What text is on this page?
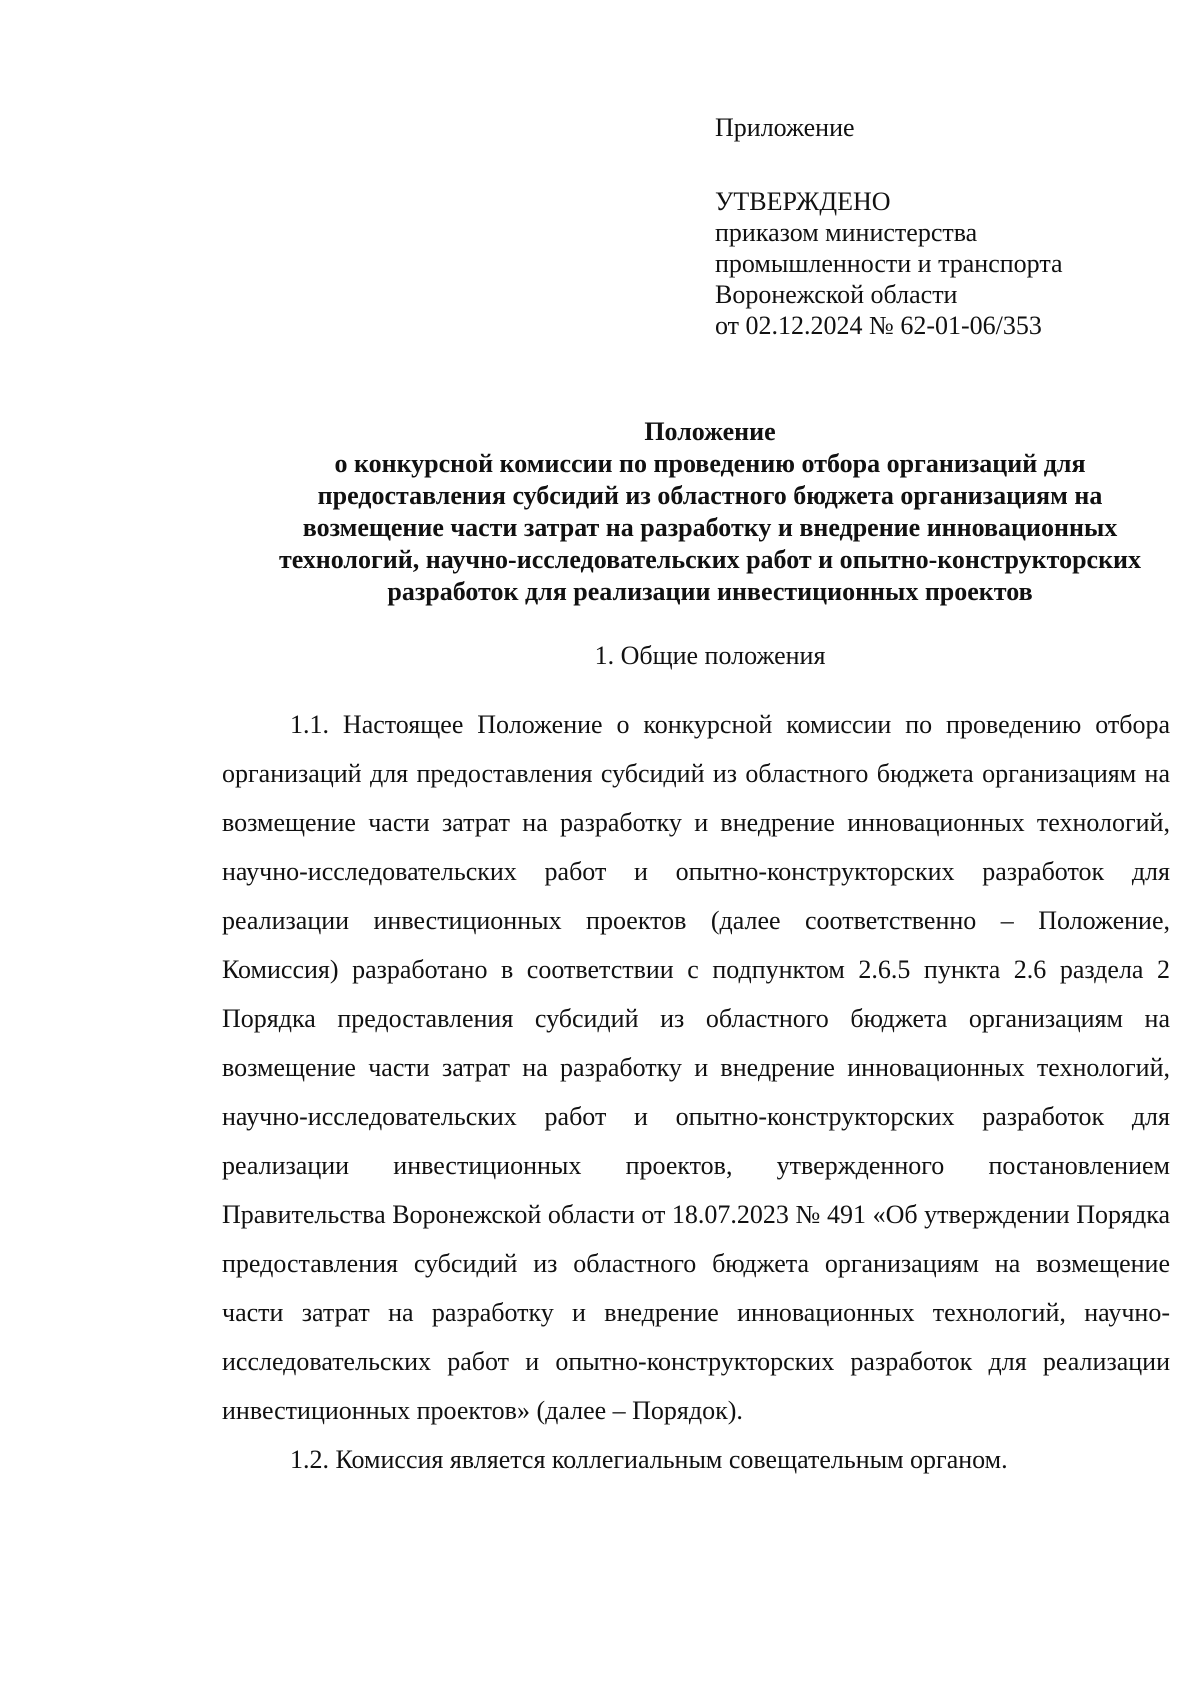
Приложение

УТВЕРЖДЕНО

приказом министерства

промышленности и транспорта

Воронежской области

от 02.12.2024 № 62-01-06/353

Положение

о конкурсной комиссии по проведению отбора организаций для

предоставления субсидий из областного бюджета организациям на

возмещение части затрат на разработку и внедрение инновационных

технологий, научно-исследовательских работ и опытно-конструкторских

разработок для реализации инвестиционных проектов

1. Общие положения

1.1. Настоящее Положение о конкурсной комиссии по проведению отбора организаций для предоставления субсидий из областного бюджета организациям на возмещение части затрат на разработку и внедрение инновационных технологий, научно-исследовательских работ и опытно-конструкторских разработок для реализации инвестиционных проектов (далее соответственно – Положение, Комиссия) разработано в соответствии с подпунктом 2.6.5 пункта 2.6 раздела 2 Порядка предоставления субсидий из областного бюджета организациям на возмещение части затрат на разработку и внедрение инновационных технологий, научно-исследовательских работ и опытно-конструкторских разработок для реализации инвестиционных проектов, утвержденного постановлением Правительства Воронежской области от 18.07.2023 № 491 «Об утверждении Порядка предоставления субсидий из областного бюджета организациям на возмещение части затрат на разработку и внедрение инновационных технологий, научно-исследовательских работ и опытно-конструкторских разработок для реализации инвестиционных проектов» (далее – Порядок).

1.2. Комиссия является коллегиальным совещательным органом.
